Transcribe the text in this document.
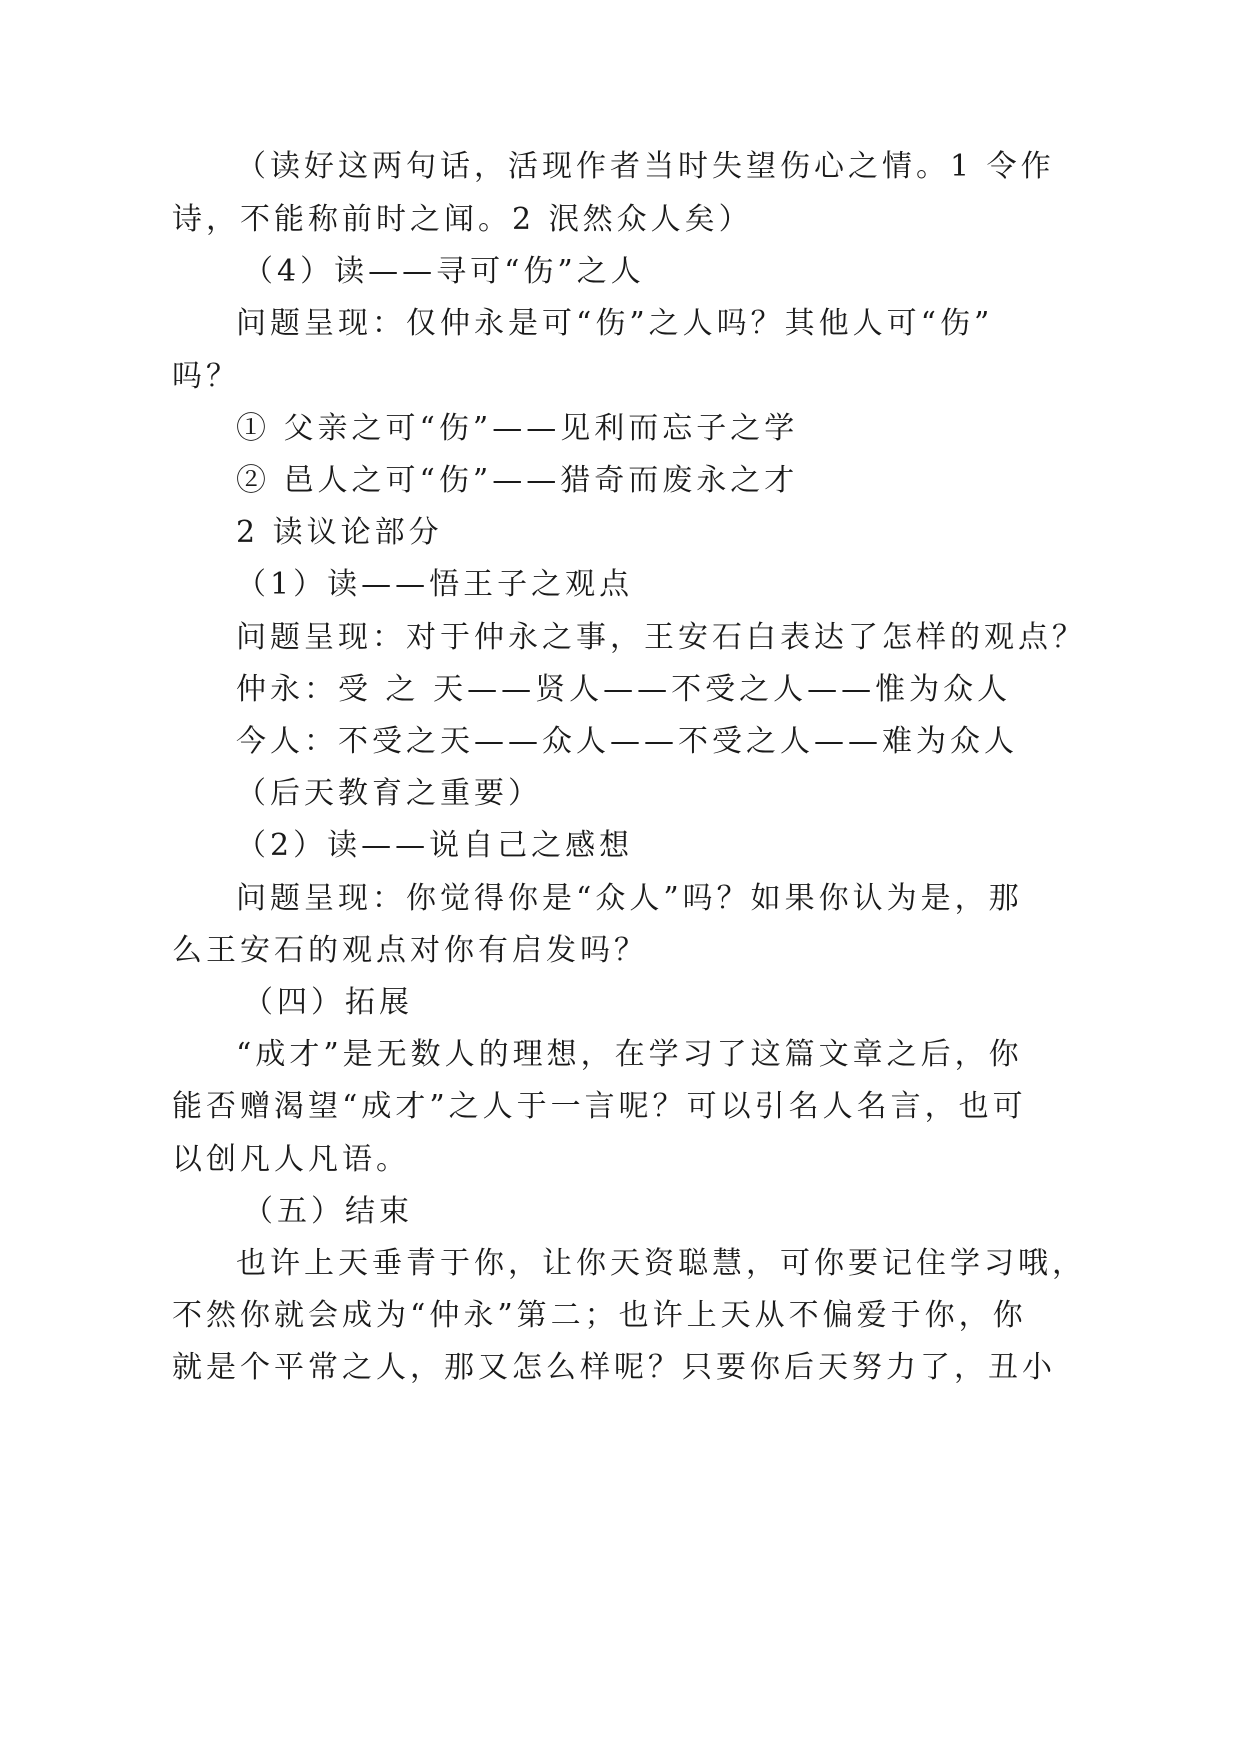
（读好这两句话，活现作者当时失望伤心之情。1 令作
诗，不能称前时之闻。2 泯然众人矣）
（4）读——寻可“伤”之人
问题呈现：仅仲永是可“伤”之人吗？其他人可“伤”
吗？
① 父亲之可“伤”——见利而忘子之学
② 邑人之可“伤”——猎奇而废永之才
2 读议论部分
（1）读——悟王子之观点
问题呈现：对于仲永之事，王安石白表达了怎样的观点？
仲永：受 之 天——贤人——不受之人——惟为众人
今人：不受之天——众人——不受之人——难为众人
（后天教育之重要）
（2）读——说自己之感想
问题呈现：你觉得你是“众人”吗？如果你认为是，那
么王安石的观点对你有启发吗？
（四）拓展
“成才”是无数人的理想，在学习了这篇文章之后，你
能否赠渴望“成才”之人于一言呢？可以引名人名言，也可
以创凡人凡语。
（五）结束
也许上天垂青于你，让你天资聪慧，可你要记住学习哦，
不然你就会成为“仲永”第二；也许上天从不偏爱于你，你
就是个平常之人，那又怎么样呢？只要你后天努力了，丑小
